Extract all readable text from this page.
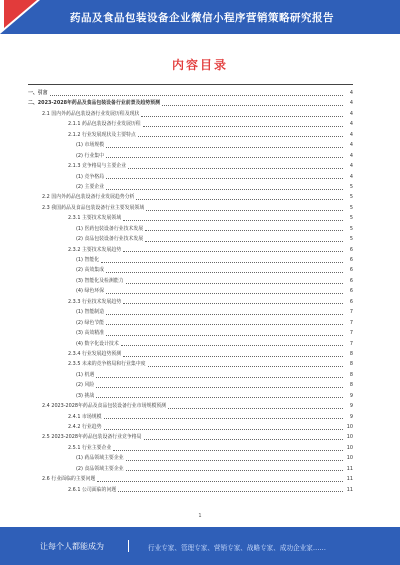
药品及食品包装设备企业微信小程序营销策略研究报告
内容目录
一、引言	4
二、2023-2028年药品及食品包装设备行业前景及趋势预测	4
2.1 国内外药品包装设备行业发展历程及现状	4
2.1.1 药品包装设备行业发展历程	4
2.1.2 行业发展现状及主要特点	4
(1) 市场规模	4
(2) 行业集中	4
2.1.3 竞争格局与主要企业	4
(1) 竞争格局	4
(2) 主要企业	5
2.2 国内外药品包装设备行业发展趋势分析	5
2.3 我国药品及食品包装设备行业主要发展领域	5
2.3.1 主要技术发展领域	5
(1) 医药包装设备行业技术发展	5
(2) 食品包装设备行业技术发展	5
2.3.2 主要技术发展趋势	6
(1) 智能化	6
(2) 高效集成	6
(3) 智能化及检测能力	6
(4) 绿色环保	6
2.3.3 行业技术发展趋势	6
(1) 智能制造	7
(2) 绿色节能	7
(3) 高效精准	7
(4) 数字化设计技术	7
2.3.4 行业发展趋势预测	8
2.3.5 未来的竞争格局和行业集中度	8
(1) 机遇	8
(2) 风险	8
(3) 挑战	9
2.4 2023-2028年药品及食品包装设备行业市场规模预测	9
2.4.1 市场规模	9
2.4.2 行业趋势	10
2.5 2023-2028年药品包装设备行业竞争格局	10
2.5.1 行业主要企业	10
(1) 药品领域主要企业	10
(2) 食品领域主要企业	11
2.6 行业面临的主要问题	11
2.6.1 公司面临的问题	11
1
让每个人都能成为	行业专家、管理专家、营销专家、战略专家、成功企业家……
